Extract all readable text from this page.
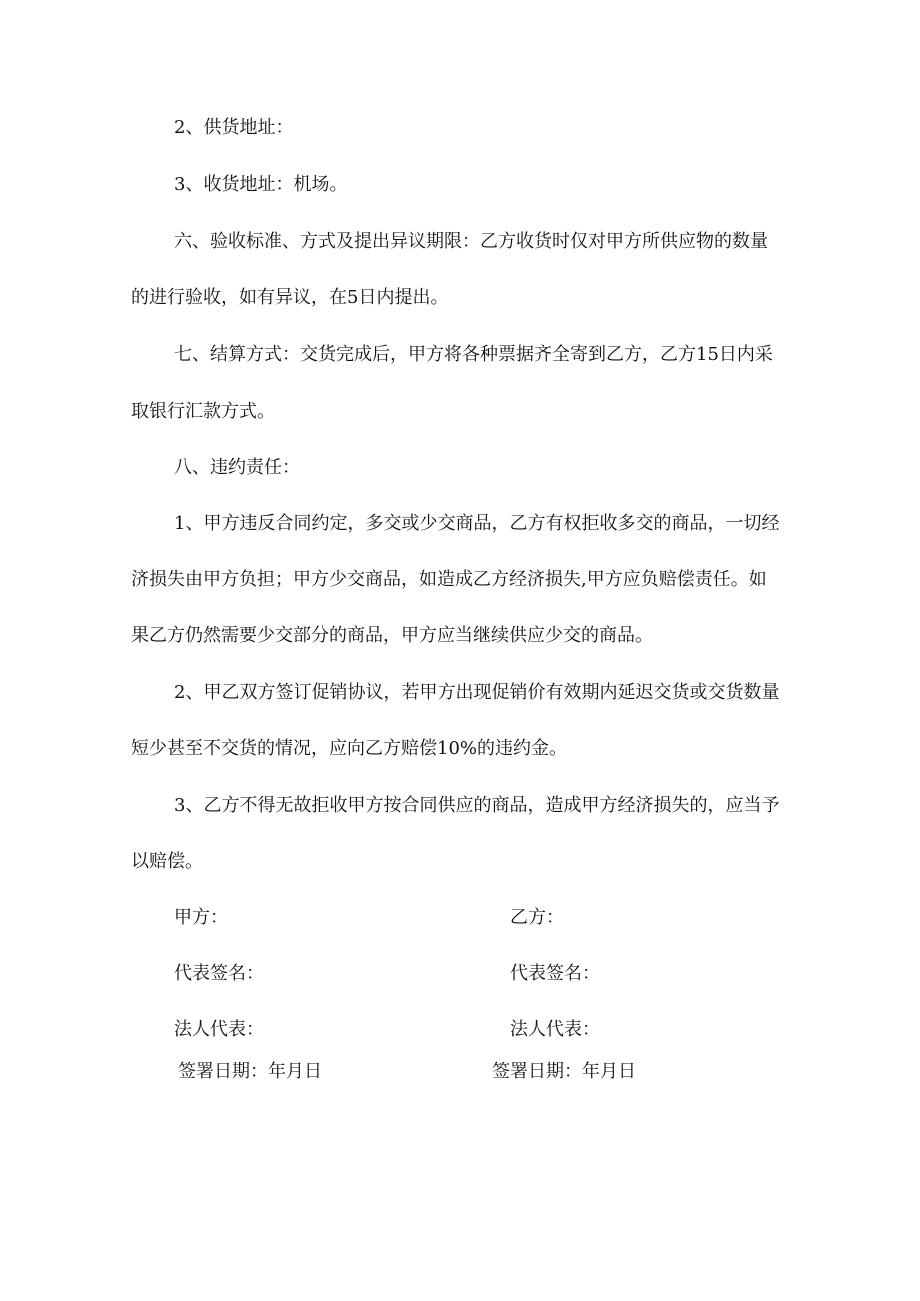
2、供货地址：
3、收货地址：机场。
六、验收标准、方式及提出异议期限：乙方收货时仅对甲方所供应物的数量
的进行验收，如有异议，在5日内提出。
七、结算方式：交货完成后，甲方将各种票据齐全寄到乙方，乙方15日内采
取银行汇款方式。
八、违约责任：
1、甲方违反合同约定，多交或少交商品，乙方有权拒收多交的商品，一切经
济损失由甲方负担；甲方少交商品，如造成乙方经济损失,甲方应负赔偿责任。如
果乙方仍然需要少交部分的商品，甲方应当继续供应少交的商品。
2、甲乙双方签订促销协议，若甲方出现促销价有效期内延迟交货或交货数量
短少甚至不交货的情况，应向乙方赔偿10%的违约金。
3、乙方不得无故拒收甲方按合同供应的商品，造成甲方经济损失的，应当予
以赔偿。
甲方：	乙方：
代表签名：	代表签名：
法人代表：	法人代表：
签署日期：年月日	签署日期：年月日
